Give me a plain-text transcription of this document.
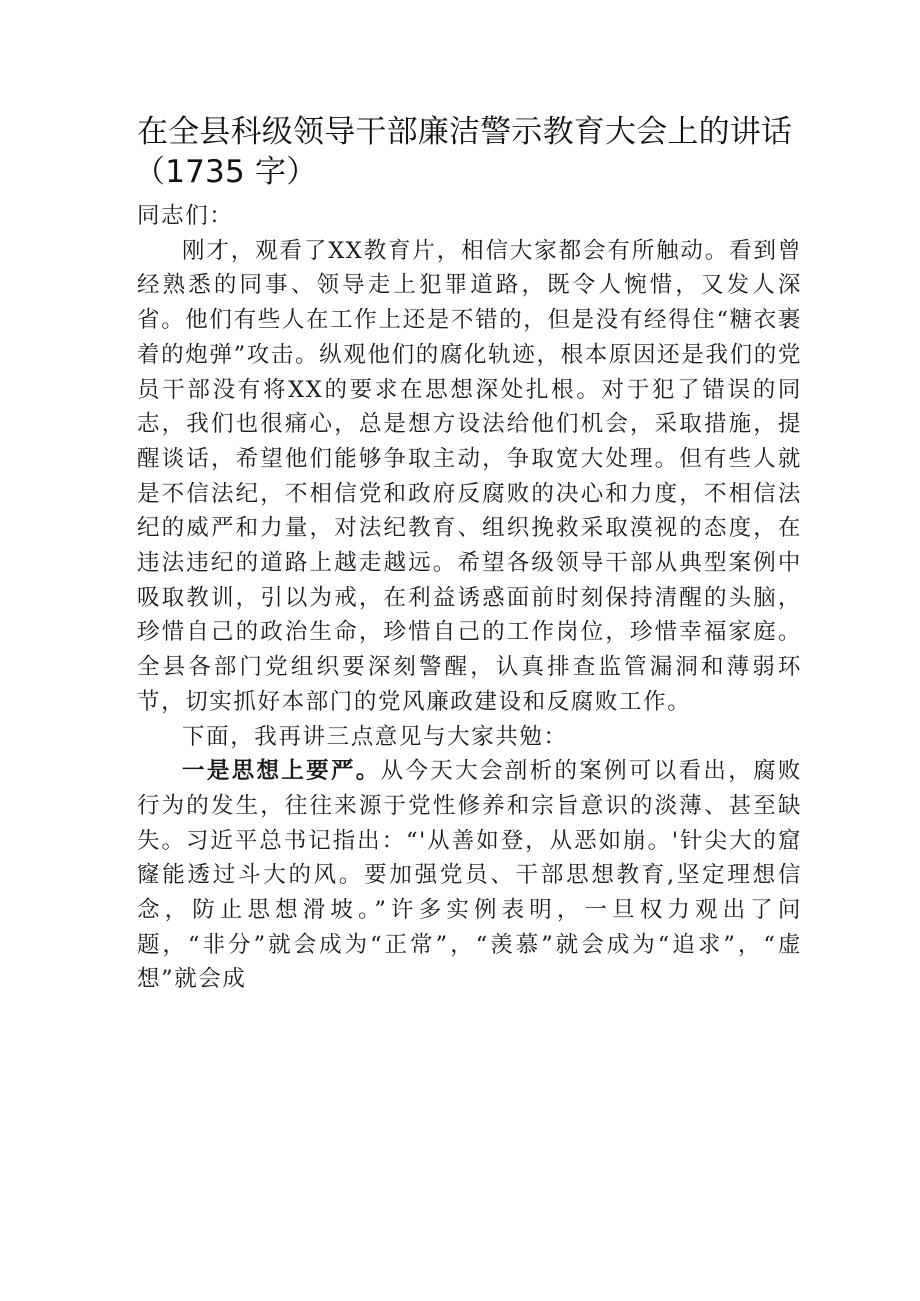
在全县科级领导干部廉洁警示教育大会上的讲话
（1735 字）

同志们：

刚才，观看了XX教育片，相信大家都会有所触动。看到曾经熟悉的同事、领导走上犯罪道路，既令人惋惜，又发人深省。他们有些人在工作上还是不错的，但是没有经得住“糖衣裹着的炮弹”攻击。纵观他们的腐化轨迹，根本原因还是我们的党员干部没有将XX的要求在思想深处扎根。对于犯了错误的同志，我们也很痛心，总是想方设法给他们机会，采取措施，提醒谈话，希望他们能够争取主动，争取宽大处理。但有些人就是不信法纪，不相信党和政府反腐败的决心和力度，不相信法纪的威严和力量，对法纪教育、组织挽救采取漠视的态度，在违法违纪的道路上越走越远。希望各级领导干部从典型案例中吸取教训，引以为戒，在利益诱惑面前时刻保持清醒的头脑，珍惜自己的政治生命，珍惜自己的工作岗位，珍惜幸福家庭。全县各部门党组织要深刻警醒，认真排查监管漏洞和薄弱环节，切实抓好本部门的党风廉政建设和反腐败工作。

下面，我再讲三点意见与大家共勉：

一是思想上要严。从今天大会剖析的案例可以看出，腐败行为的发生，往往来源于党性修养和宗旨意识的淡薄、甚至缺失。习近平总书记指出：“'从善如登，从恶如崩。'针尖大的窟窿能透过斗大的风。要加强党员、干部思想教育,坚定理想信念，防止思想滑坡。”许多实例表明，一旦权力观出了问题，“非分”就会成为“正常”，“羡慕”就会成为“追求”，“虚想”就会成
